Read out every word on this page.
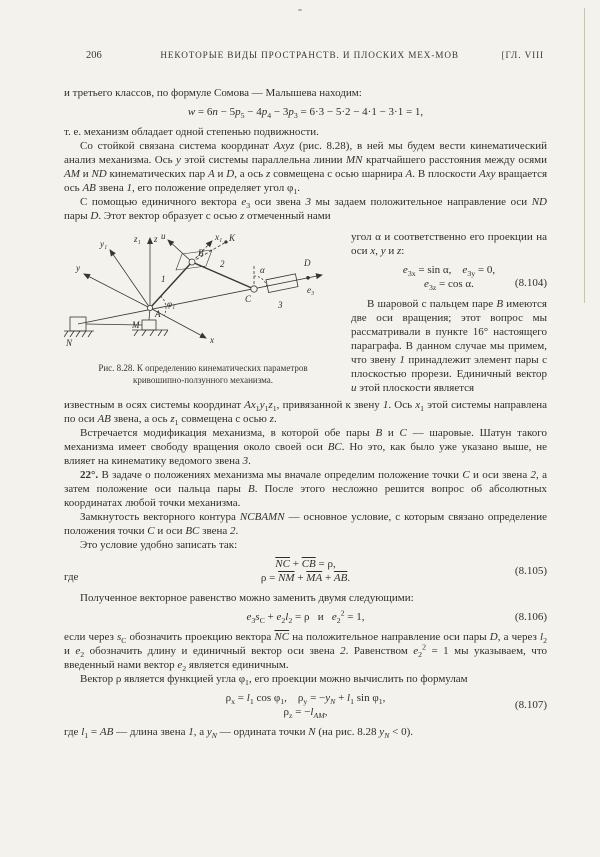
206	НЕКОТОРЫЕ ВИДЫ ПРОСТРАНСТВ. И ПЛОСКИХ МЕХ-МОВ	[ГЛ. VIII

и третьего классов, по формуле Сомова — Малышева находим:

$w = 6n - 5p_5 - 4p_4 - 3p_3 = 6\cdot 3 - 5\cdot 2 - 4\cdot 1 - 3\cdot 1 = 1$,

т. е. механизм обладает одной степенью подвижности.

Со стойкой связана система координат Axyz (рис. 8.28), в ней мы будем вести кинематический анализ механизма. Ось y этой системы параллельна линии MN кратчайшего расстояния между осями AM и ND кинематических пар A и D, а ось z совмещена с осью шарнира A. В плоскости Axy вращается ось AB звена 1, его положение определяет угол $\varphi_1$.

С помощью единичного вектора $e_3$ оси звена 3 мы задаем положительное направление оси ND пары D. Этот вектор образует с осью z отмеченный нами

z₁ z
y₁
y
u	K
x₁
B
1
2
C
D
3
e₃
M
A
N	x
φ₁
α
Рис. 8.28. К определению кинематических параметров кривошипно-ползунного механизма.

угол α и соответственно его проекции на оси x, y и z:

$e_{3x} = \sin \alpha$,    $e_{3y} = 0$,
$e_{3z} = \cos \alpha$.	(8.104)

В шаровой с пальцем паре B имеются две оси вращения; этот вопрос мы рассматривали в пункте 16° настоящего параграфа. В данном случае мы примем, что звену 1 принадлежит элемент пары с плоскостью прорези. Единичный вектор u этой плоскости является

известным в осях системы координат $Ax_1y_1z_1$, привязанной к звену 1. Ось $x_1$ этой системы направлена по оси AB звена, а ось $z_1$ совмещена с осью z.

Встречается модификация механизма, в которой обе пары B и C — шаровые. Шатун такого механизма имеет свободу вращения около своей оси BC. Но это, как было уже указано выше, не влияет на кинематику ведомого звена 3.

22°. В задаче о положениях механизма мы вначале определим положение точки C и оси звена 2, а затем положение оси пальца пары B. После этого несложно решится вопрос об абсолютных координатах любой точки механизма.

Замкнутость векторного контура NCBAMN — основное условие, с которым связано определение положения точки C и оси BC звена 2.

Это условие удобно записать так:

$\overline{NC} + \overline{CB} = \rho$,
$\rho = \overline{NM} + \overline{MA} + \overline{AB}$.
где	(8.105)

Полученное векторное равенство можно заменить двумя следующими:

$e_3s_C + e_2l_2 = \rho$   и   $e_2^2 = 1$,	(8.106)

если через $s_C$ обозначить проекцию вектора $\overline{NC}$ на положительное направление оси пары D, а через $l_2$ и $e_2$ обозначить длину и единичный вектор оси звена 2. Равенством $e_2^2 = 1$ мы указываем, что введенный нами вектор $e_2$ является единичным.

Вектор ρ является функцией угла $\varphi_1$, его проекции можно вычислить по формулам

$\rho_x = l_1$ $\cos \varphi_1$,    $\rho_y = -y_N + l_1$ $\sin \varphi_1$,
$\rho_z = -l_{AM}$,
(8.107)

где $l_1$ = AB — длина звена 1, а $y_N$ — ордината точки N (на рис. 8.28 $y_N < 0$).
